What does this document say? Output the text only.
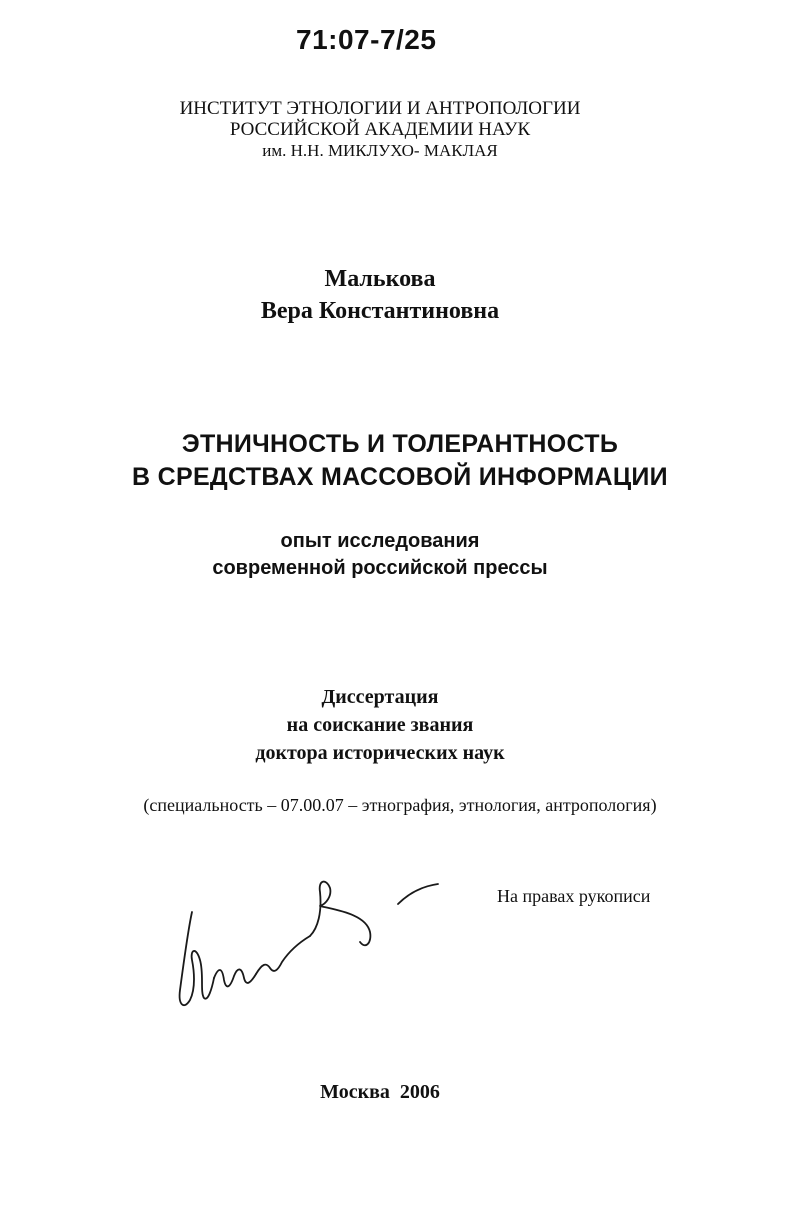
71:07-7/25
ИНСТИТУТ ЭТНОЛОГИИ И АНТРОПОЛОГИИ
РОССИЙСКОЙ АКАДЕМИИ НАУК
им. Н.Н. МИКЛУХО- МАКЛАЯ
Малькова
Вера Константиновна
ЭТНИЧНОСТЬ И ТОЛЕРАНТНОСТЬ
В СРЕДСТВАХ МАССОВОЙ ИНФОРМАЦИИ
опыт исследования
современной российской прессы
Диссертация
на соискание звания
доктора исторических наук
(специальность – 07.00.07 – этнография, этнология, антропология)
На правах рукописи
Москва 2006
